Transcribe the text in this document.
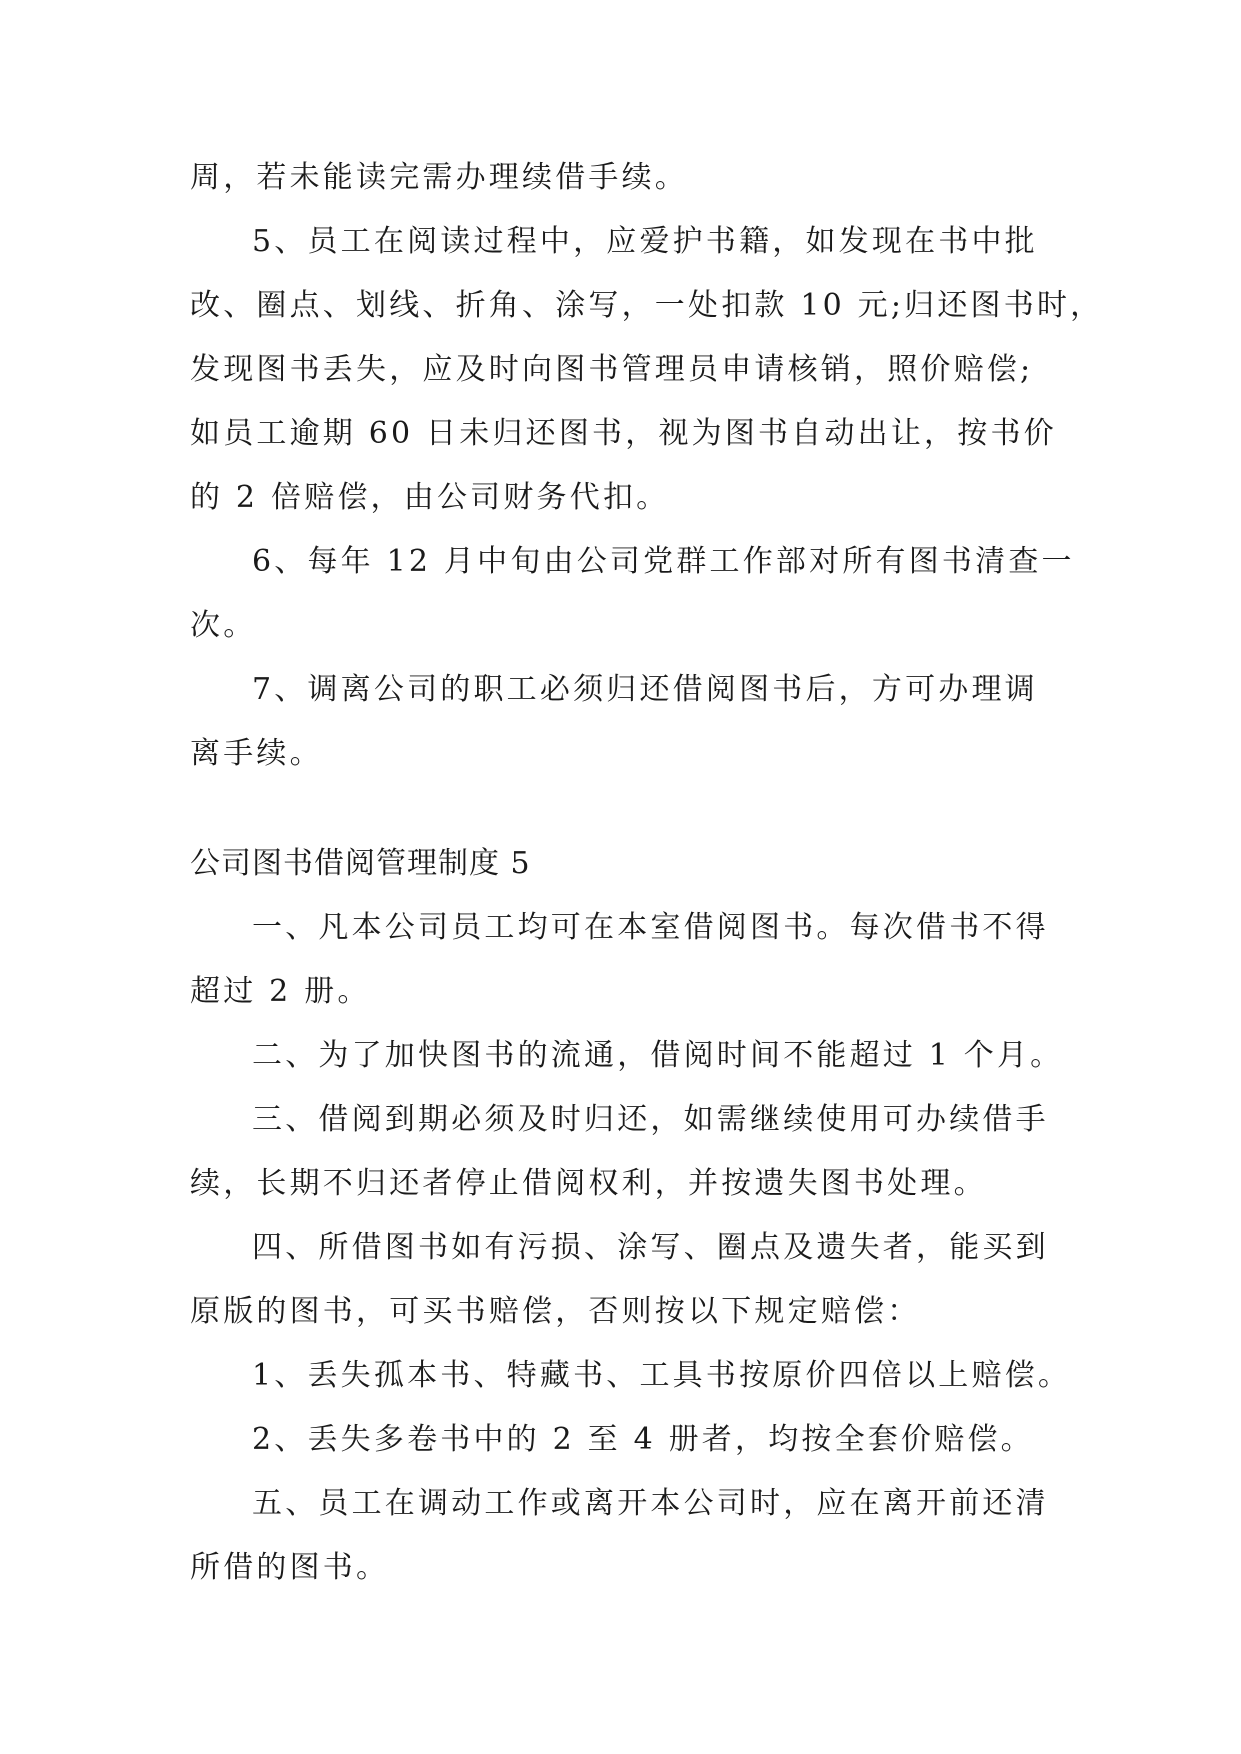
周，若未能读完需办理续借手续。
5、员工在阅读过程中，应爱护书籍，如发现在书中批
改、圈点、划线、折角、涂写，一处扣款 10 元;归还图书时，
发现图书丢失，应及时向图书管理员申请核销，照价赔偿;
如员工逾期 60 日未归还图书，视为图书自动出让，按书价
的 2 倍赔偿，由公司财务代扣。
6、每年 12 月中旬由公司党群工作部对所有图书清查一
次。
7、调离公司的职工必须归还借阅图书后，方可办理调
离手续。
公司图书借阅管理制度 5
一、凡本公司员工均可在本室借阅图书。每次借书不得
超过 2 册。
二、为了加快图书的流通，借阅时间不能超过 1 个月。
三、借阅到期必须及时归还，如需继续使用可办续借手
续，长期不归还者停止借阅权利，并按遗失图书处理。
四、所借图书如有污损、涂写、圈点及遗失者，能买到
原版的图书，可买书赔偿，否则按以下规定赔偿：
1、丢失孤本书、特藏书、工具书按原价四倍以上赔偿。
2、丢失多卷书中的 2 至 4 册者，均按全套价赔偿。
五、员工在调动工作或离开本公司时，应在离开前还清
所借的图书。
